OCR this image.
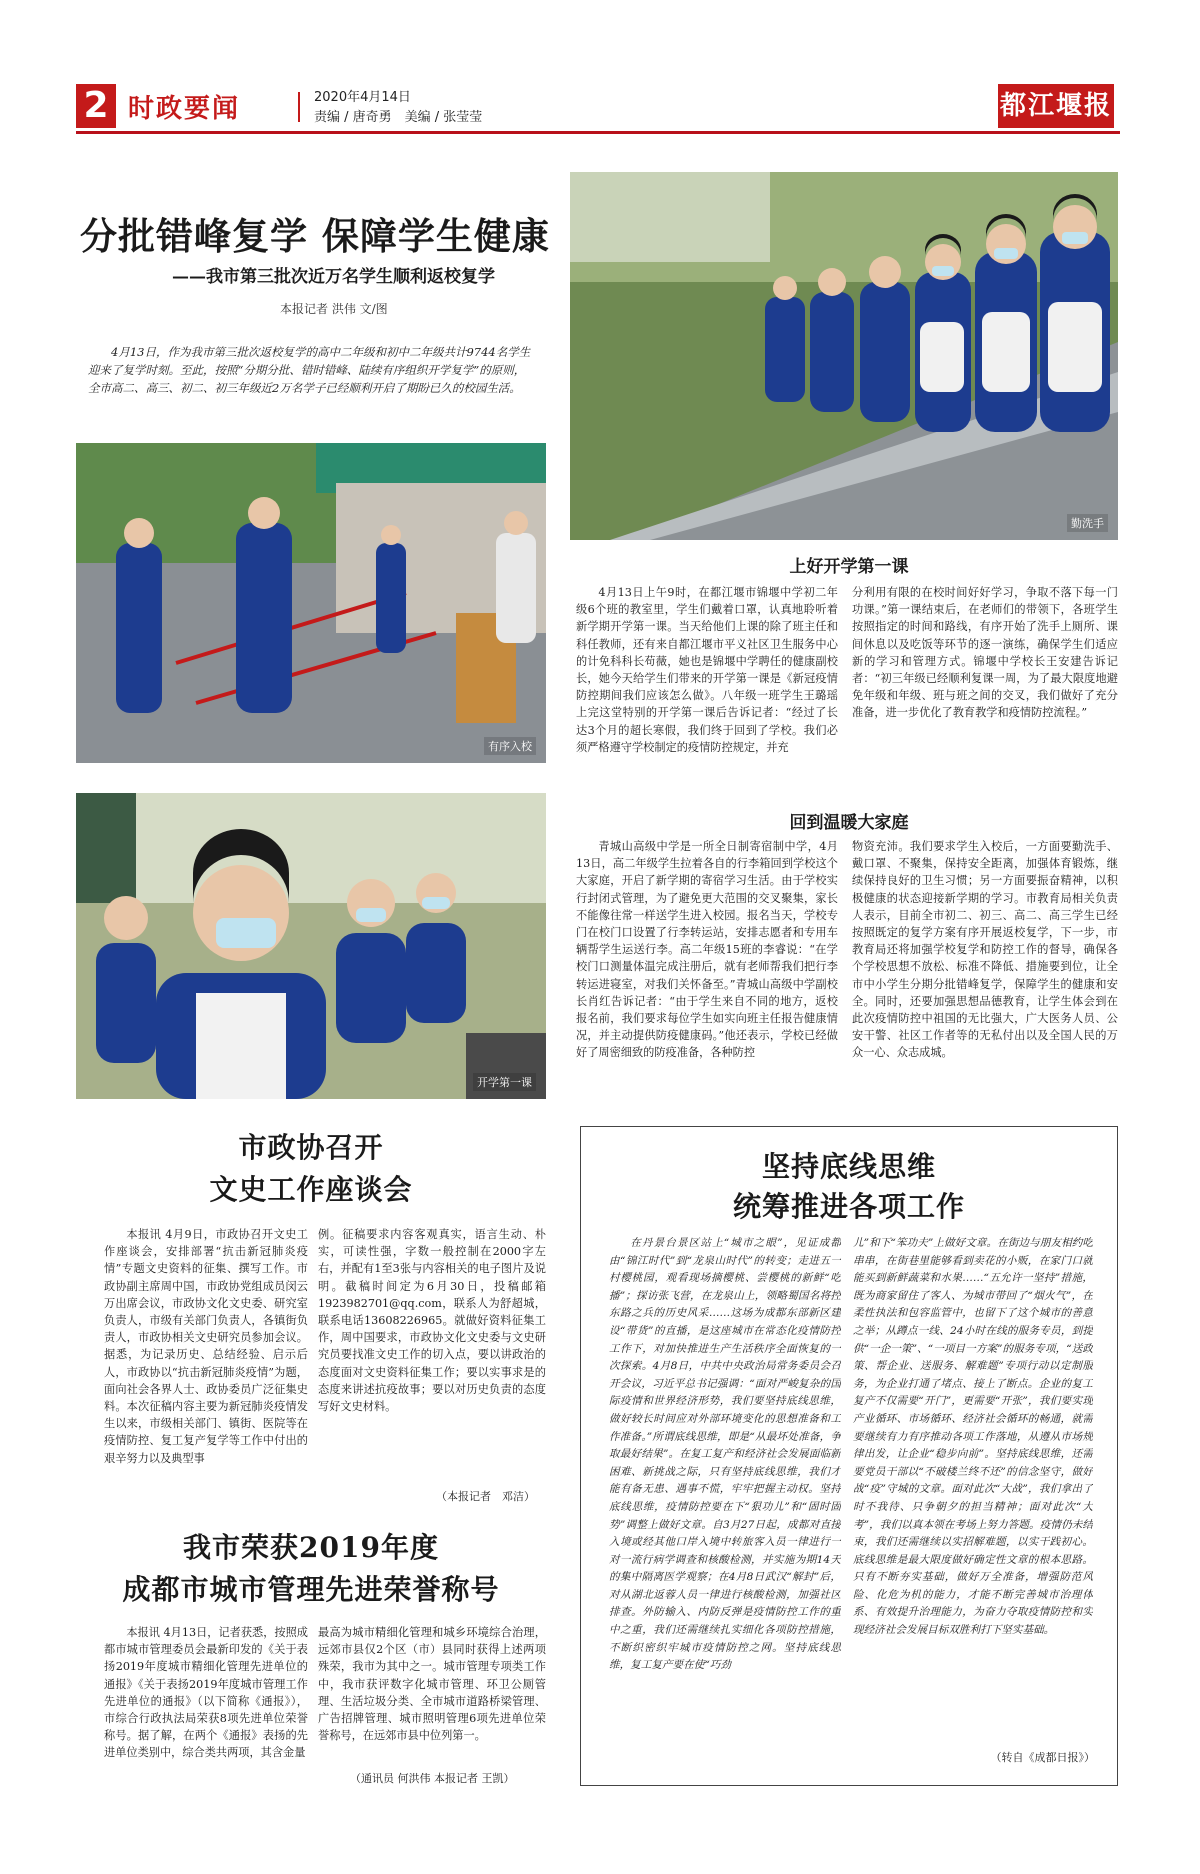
2 时政要闻	2020年4月14日
责编 / 唐奇勇　美编 / 张莹莹	都江堰报
分批错峰复学 保障学生健康
——我市第三批次近万名学生顺利返校复学
本报记者 洪伟 文/图
4月13日，作为我市第三批次返校复学的高中二年级和初中二年级共计9744名学生迎来了复学时刻。至此，按照“分期分批、错时错峰、陆续有序组织开学复学”的原则，全市高二、高三、初二、初三年级近2万名学子已经顺利开启了期盼已久的校园生活。
勤洗手
有序入校
开学第一课
上好开学第一课
4月13日上午9时，在都江堰市锦堰中学初二年级6个班的教室里，学生们戴着口罩，认真地聆听着新学期开学第一课。当天给他们上课的除了班主任和科任教师，还有来自都江堰市平义社区卫生服务中心的计免科科长苟薇，她也是锦堰中学聘任的健康副校长，她今天给学生们带来的开学第一课是《新冠疫情防控期间我们应该怎么做》。八年级一班学生王璐瑶上完这堂特别的开学第一课后告诉记者：“经过了长达3个月的超长寒假，我们终于回到了学校。我们必须严格遵守学校制定的疫情防控规定，并充
分利用有限的在校时间好好学习，争取不落下每一门功课。”第一课结束后，在老师们的带领下，各班学生按照指定的时间和路线，有序开始了洗手上厕所、课间休息以及吃饭等环节的逐一演练，确保学生们适应新的学习和管理方式。锦堰中学校长王安建告诉记者：“初三年级已经顺利复课一周，为了最大限度地避免年级和年级、班与班之间的交叉，我们做好了充分准备，进一步优化了教育教学和疫情防控流程。”
回到温暖大家庭
青城山高级中学是一所全日制寄宿制中学，4月13日，高二年级学生拉着各自的行李箱回到学校这个大家庭，开启了新学期的寄宿学习生活。由于学校实行封闭式管理，为了避免更大范围的交叉聚集，家长不能像往常一样送学生进入校园。报名当天，学校专门在校门口设置了行李转运站，安排志愿者和专用车辆帮学生运送行李。高二年级15班的李睿说：“在学校门口测量体温完成注册后，就有老师帮我们把行李转运进寝室，对我们关怀备至。”青城山高级中学副校长肖红告诉记者：“由于学生来自不同的地方，返校报名前，我们要求每位学生如实向班主任报告健康情况，并主动提供防疫健康码。”他还表示，学校已经做好了周密细致的防疫准备，各种防控
物资充沛。我们要求学生入校后，一方面要勤洗手、戴口罩、不聚集，保持安全距离，加强体育锻炼，继续保持良好的卫生习惯；另一方面要振奋精神，以积极健康的状态迎接新学期的学习。市教育局相关负责人表示，目前全市初二、初三、高二、高三学生已经按照既定的复学方案有序开展返校复学，下一步，市教育局还将加强学校复学和防控工作的督导，确保各个学校思想不放松、标准不降低、措施要到位，让全市中小学生分期分批错峰复学，保障学生的健康和安全。同时，还要加强思想品德教育，让学生体会到在此次疫情防控中祖国的无比强大，广大医务人员、公安干警、社区工作者等的无私付出以及全国人民的万众一心、众志成城。
市政协召开
文史工作座谈会
本报讯 4月9日，市政协召开文史工作座谈会，安排部署“抗击新冠肺炎疫情”专题文史资料的征集、撰写工作。市政协副主席周中国，市政协党组成员闵云万出席会议，市政协文化文史委、研究室负责人，市级有关部门负责人，各镇街负责人，市政协相关文史研究员参加会议。据悉，为记录历史、总结经验、启示后人，市政协以“抗击新冠肺炎疫情”为题，面向社会各界人士、政协委员广泛征集史料。本次征稿内容主要为新冠肺炎疫情发生以来，市级相关部门、镇街、医院等在疫情防控、复工复产复学等工作中付出的艰辛努力以及典型事
例。征稿要求内容客观真实，语言生动、朴实，可读性强，字数一般控制在2000字左右，并配有1至3张与内容相关的电子图片及说明。截稿时间定为6月30日，投稿邮箱1923982701@qq.com，联系人为舒超城，联系电话13608226965。就做好资料征集工作，周中国要求，市政协文化文史委与文史研究员要找准文史工作的切入点，要以讲政治的态度面对文史资料征集工作；要以实事求是的态度来讲述抗疫故事；要以对历史负责的态度写好文史材料。
（本报记者　邓洁）
我市荣获2019年度
成都市城市管理先进荣誉称号
本报讯 4月13日，记者获悉，按照成都市城市管理委员会最新印发的《关于表扬2019年度城市精细化管理先进单位的通报》《关于表扬2019年度城市管理工作先进单位的通报》（以下简称《通报》），市综合行政执法局荣获8项先进单位荣誉称号。据了解，在两个《通报》表扬的先进单位类别中，综合类共两项，其含金量
最高为城市精细化管理和城乡环境综合治理，远郊市县仅2个区（市）县同时获得上述两项殊荣，我市为其中之一。城市管理专项类工作中，我市获评数字化城市管理、环卫公厕管理、生活垃圾分类、全市城市道路桥梁管理、广告招牌管理、城市照明管理6项先进单位荣誉称号，在远郊市县中位列第一。
（通讯员 何洪伟 本报记者 王凯）
坚持底线思维
统筹推进各项工作
在丹景台景区站上“城市之眼”，见证成都由“锦江时代”到“龙泉山时代”的转变；走进五一村樱桃园，观看现场摘樱桃、尝樱桃的新鲜“吃播”；探访张飞营，在龙泉山上，领略蜀国名将控东路之兵的历史风采……这场为成都东部新区建设“带货”的直播，是这座城市在常态化疫情防控工作下，对加快推进生产生活秩序全面恢复的一次探索。4月8日，中共中央政治局常务委员会召开会议，习近平总书记强调：“面对严峻复杂的国际疫情和世界经济形势，我们要坚持底线思维，做好较长时间应对外部环境变化的思想准备和工作准备。”所谓底线思维，即是“从最坏处准备，争取最好结果”。在复工复产和经济社会发展面临新困难、新挑战之际，只有坚持底线思维，我们才能有备无患、遇事不慌，牢牢把握主动权。坚持底线思维，疫情防控要在下“狠功儿”和“固时固势”调整上做好文章。自3月27日起，成都对直接入境或经其他口岸入境中转旅客入员一律进行一对一流行病学调查和核酸检测，并实施为期14天的集中隔离医学观察；在4月8日武汉“解封”后，对从湖北返蓉人员一律进行核酸检测，加强社区排查。外防输入、内防反弹是疫情防控工作的重中之重，我们还需继续扎实细化各项防控措施，不断织密织牢城市疫情防控之网。坚持底线思维，复工复产要在使“巧劲
儿”和下“笨功夫”上做好文章。在街边与朋友相约吃串串，在街巷里能够看到卖花的小贩，在家门口就能买到新鲜蔬菜和水果……“五允许一坚持”措施，既为商家留住了客人、为城市带回了“烟火气”，在柔性执法和包容监管中，也留下了这个城市的善意之举；从蹲点一线、24小时在线的服务专员，到提供“一企一策”、“一项目一方案”的服务专项，“送政策、帮企业、送服务、解难题”专项行动以定制服务，为企业打通了堵点、接上了断点。企业的复工复产不仅需要“开门”，更需要“开张”，我们要实现产业循环、市场循环、经济社会循环的畅通，就需要继续有力有序推动各项工作落地，从遵从市场规律出发，让企业“稳步向前”。坚持底线思维，还需要党员干部以“不破楼兰终不还”的信念坚守，做好战“疫”守城的文章。面对此次“大战”，我们拿出了时不我待、只争朝夕的担当精神；面对此次“大考”，我们以真本领在考场上努力答题。疫情仍未结束，我们还需继续以实招解难题，以实干践初心。底线思维是最大限度做好确定性文章的根本思路。只有不断夯实基础，做好万全准备，增强防范风险、化危为机的能力，才能不断完善城市治理体系、有效提升治理能力，为奋力夺取疫情防控和实现经济社会发展目标双胜利打下坚实基础。
（转自《成都日报》）
